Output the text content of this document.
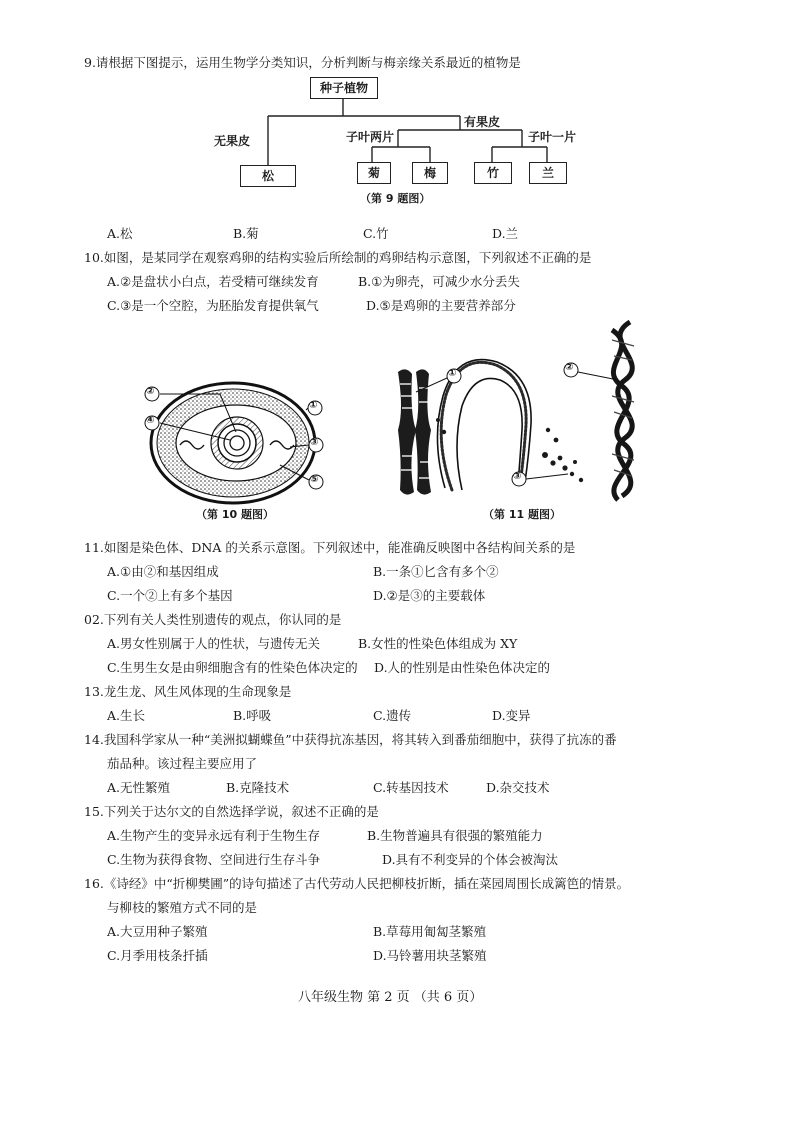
9.请根据下图提示，运用生物学分类知识，分析判断与梅亲缘关系最近的植物是
种子植物
无果皮
有果皮
子叶两片	子叶一片
松	菊	梅	竹	兰
（第 9 题图）
A.松	B.菊	C.竹	D.兰
10.如图，是某同学在观察鸡卵的结构实验后所绘制的鸡卵结构示意图，下列叙述不正确的是
A.②是盘状小白点，若受精可继续发育	B.①为卵壳，可减少水分丢失
C.③是一个空腔，为胚胎发育提供氧气	D.⑤是鸡卵的主要营养部分
②
④
①
③
⑤
（第 10 题图）
①
②
③
（第 11 题图）
11.如图是染色体、DNA 的关系示意图。下列叙述中，能准确反映图中各结构间关系的是
A.①由②和基因组成	B.一条①匕含有多个②
C.一个②上有多个基因	D.②是③的主要载体
02.下列有关人类性别遗传的观点，你认同的是
A.男女性别属于人的性状，与遗传无关	B.女性的性染色体组成为 XY
C.生男生女是由卵细胞含有的性染色体决定的 D.人的性别是由性染色体决定的
13.龙生龙、风生风体现的生命现象是
A.生长	B.呼吸	C.遗传	D.变异
14.我国科学家从一种“美洲拟蝴蝶鱼”中获得抗冻基因，将其转入到番茄细胞中，获得了抗冻的番
茄品种。该过程主要应用了
A.无性繁殖	B.克隆技术	C.转基因技术	D.杂交技术
15.下列关于达尔文的自然选择学说，叙述不正确的是
A.生物产生的变异永远有利于生物生存	B.生物普遍具有很强的繁殖能力
C.生物为获得食物、空间进行生存斗争	D.具有不利变异的个体会被淘汰
16.《诗经》中“折柳樊圃”的诗句描述了古代劳动人民把柳枝折断，插在菜园周围长成篱笆的情景。
与柳枝的繁殖方式不同的是
A.大豆用种子繁殖	B.草莓用匍匐茎繁殖
C.月季用枝条扦插	D.马铃薯用块茎繁殖
八年级生物 第 2 页 （共 6 页）
